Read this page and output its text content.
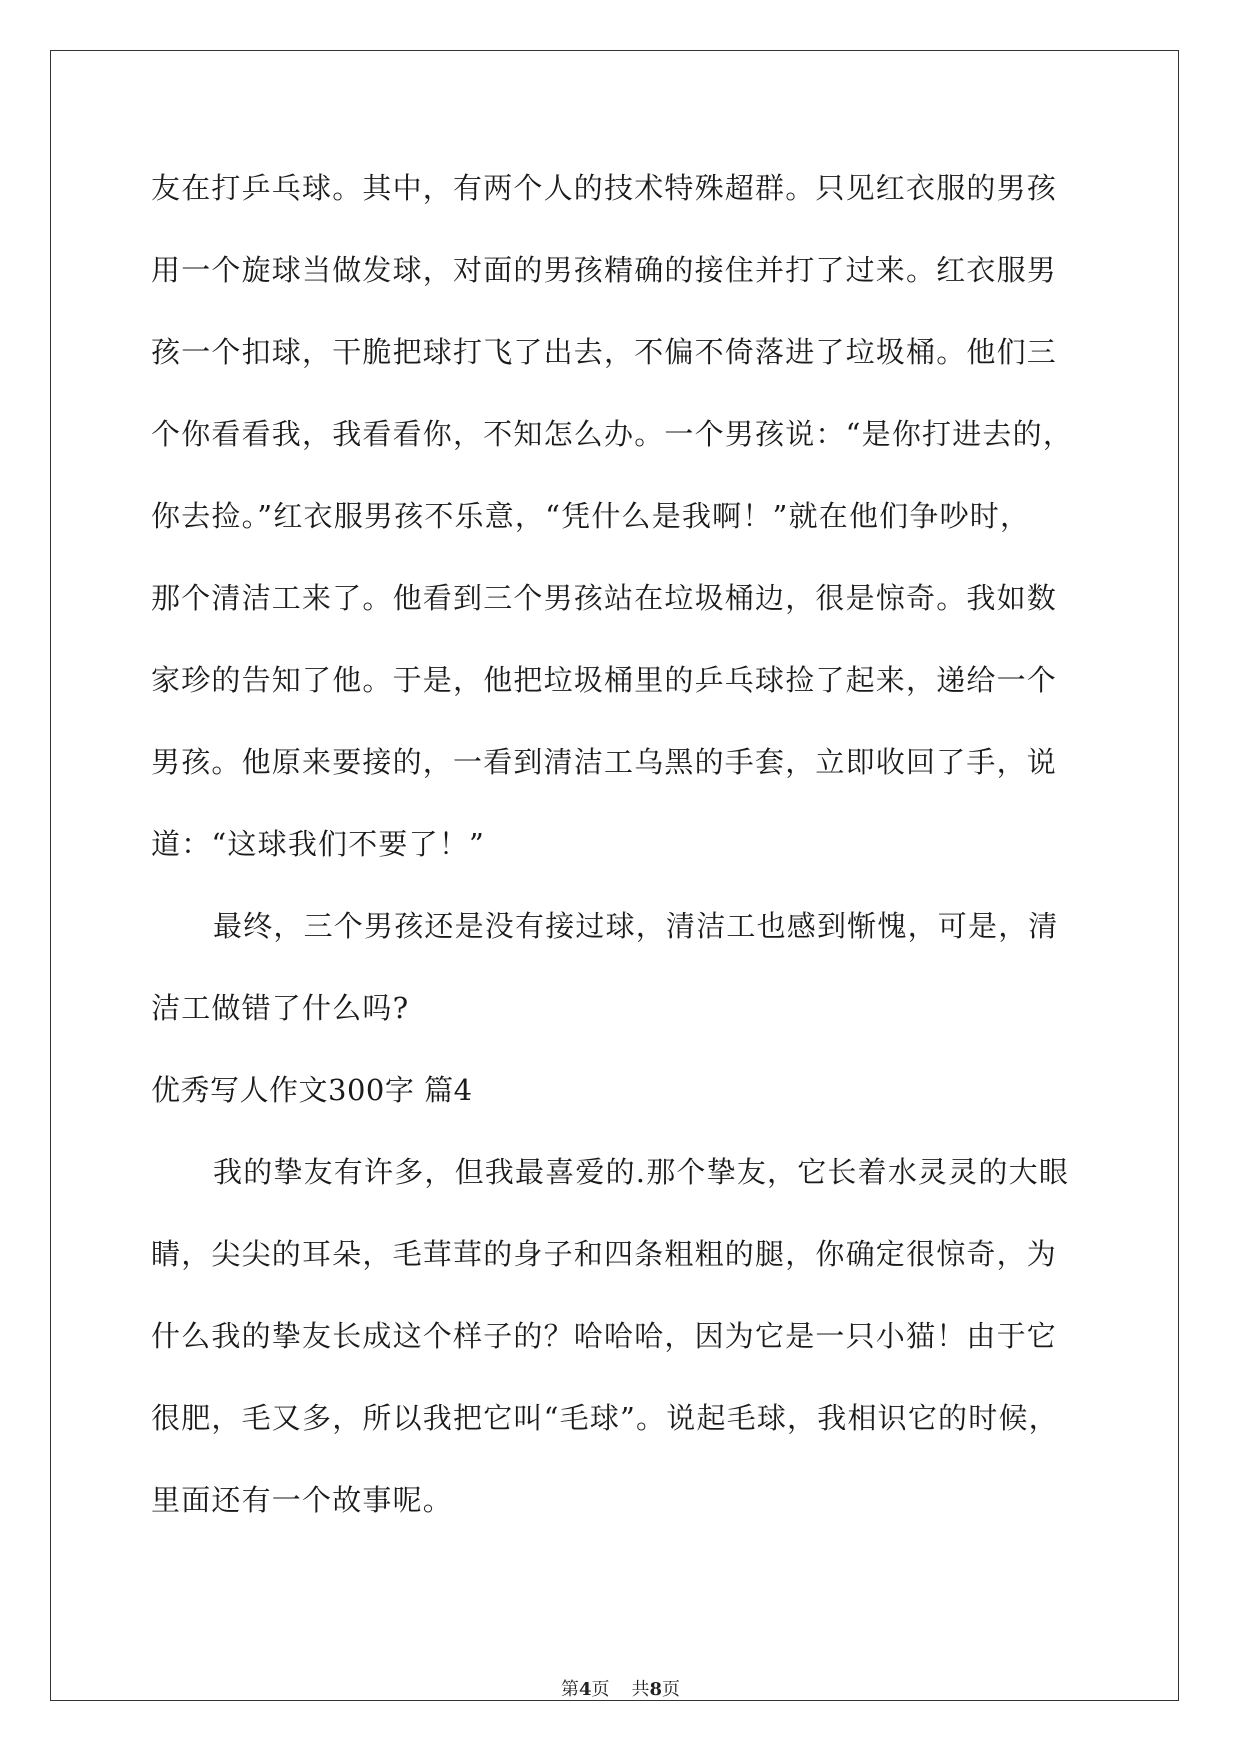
友在打乒乓球。其中，有两个人的技术特殊超群。只见红衣服的男孩
用一个旋球当做发球，对面的男孩精确的接住并打了过来。红衣服男
孩一个扣球，干脆把球打飞了出去，不偏不倚落进了垃圾桶。他们三
个你看看我，我看看你，不知怎么办。一个男孩说：“是你打进去的，
你去捡。”红衣服男孩不乐意，“凭什么是我啊！”就在他们争吵时，
那个清洁工来了。他看到三个男孩站在垃圾桶边，很是惊奇。我如数
家珍的告知了他。于是，他把垃圾桶里的乒乓球捡了起来，递给一个
男孩。他原来要接的，一看到清洁工乌黑的手套，立即收回了手，说
道：“这球我们不要了！”
最终，三个男孩还是没有接过球，清洁工也感到惭愧，可是，清
洁工做错了什么吗?
优秀写人作文300字 篇4
我的挚友有许多，但我最喜爱的.那个挚友，它长着水灵灵的大眼
睛，尖尖的耳朵，毛茸茸的身子和四条粗粗的腿，你确定很惊奇，为
什么我的挚友长成这个样子的？哈哈哈，因为它是一只小猫！由于它
很肥，毛又多，所以我把它叫“毛球”。说起毛球，我相识它的时候，
里面还有一个故事呢。
第4页 共8页
